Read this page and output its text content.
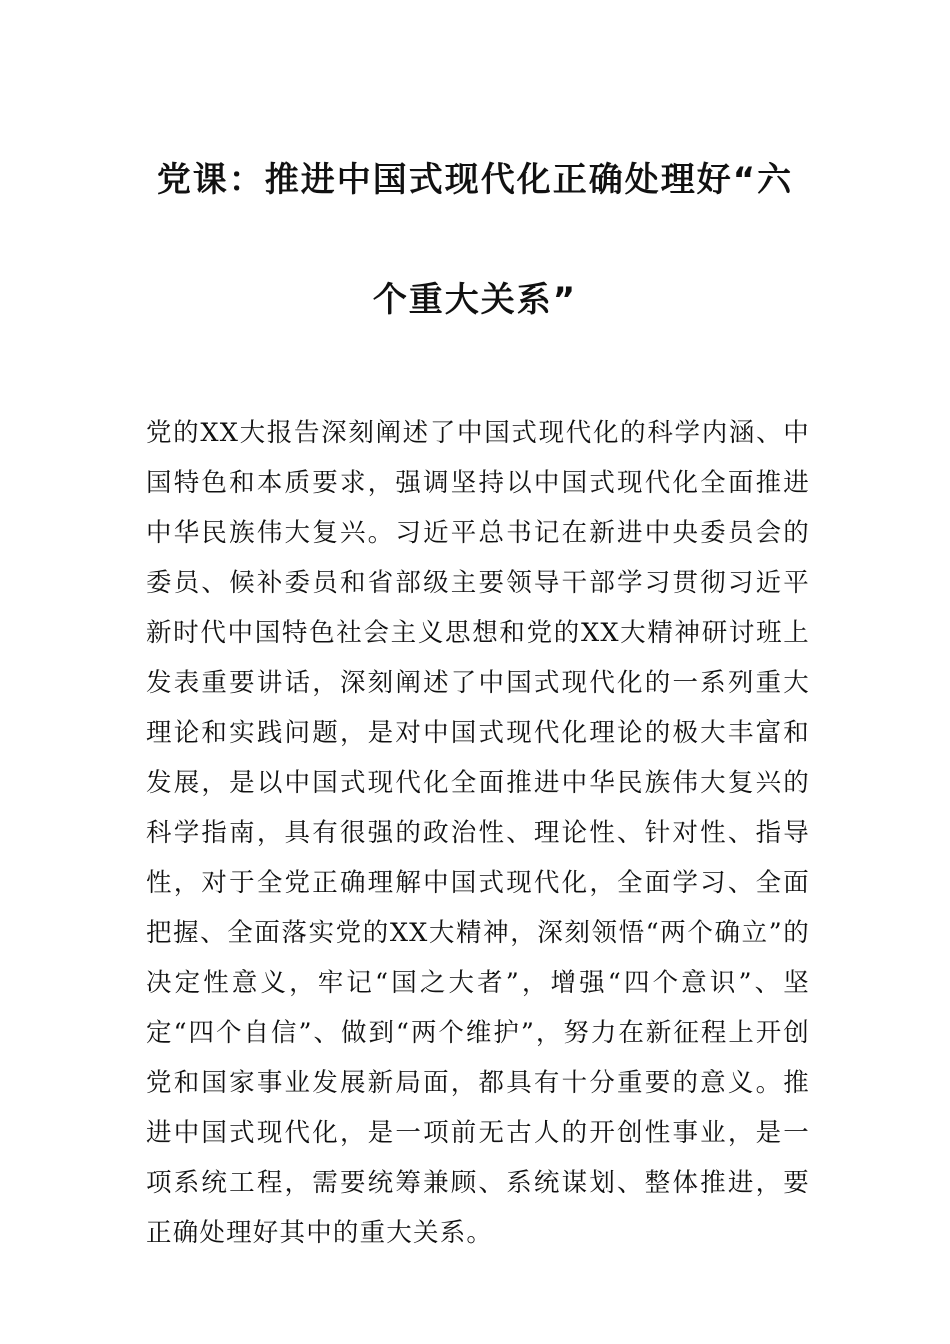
党课：推进中国式现代化正确处理好“六
个重大关系”

党的XX大报告深刻阐述了中国式现代化的科学内涵、中国特色和本质要求，强调坚持以中国式现代化全面推进中华民族伟大复兴。习近平总书记在新进中央委员会的委员、候补委员和省部级主要领导干部学习贯彻习近平新时代中国特色社会主义思想和党的XX大精神研讨班上发表重要讲话，深刻阐述了中国式现代化的一系列重大理论和实践问题，是对中国式现代化理论的极大丰富和发展，是以中国式现代化全面推进中华民族伟大复兴的科学指南，具有很强的政治性、理论性、针对性、指导性，对于全党正确理解中国式现代化，全面学习、全面把握、全面落实党的XX大精神，深刻领悟“两个确立”的决定性意义，牢记“国之大者”，增强“四个意识”、坚定“四个自信”、做到“两个维护”，努力在新征程上开创党和国家事业发展新局面，都具有十分重要的意义。推进中国式现代化，是一项前无古人的开创性事业，是一项系统工程，需要统筹兼顾、系统谋划、整体推进，要正确处理好其中的重大关系。
